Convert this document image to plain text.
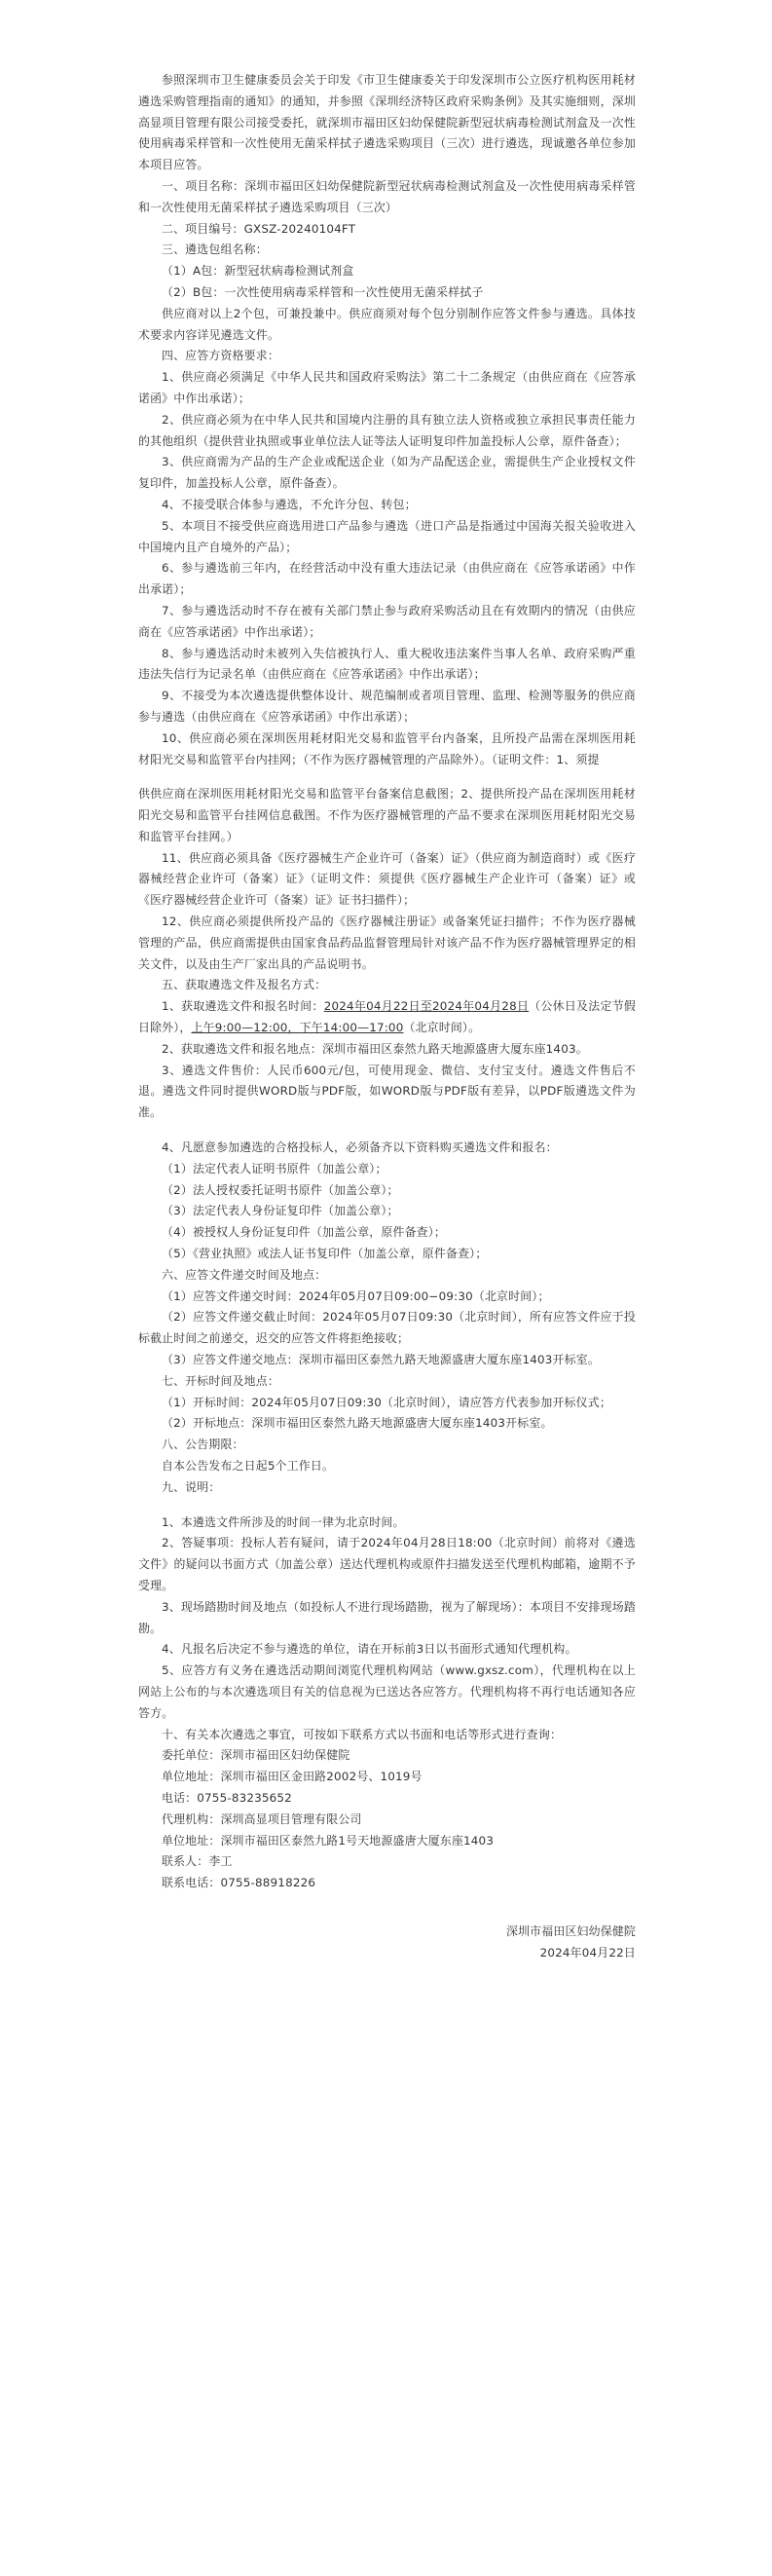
参照深圳市卫生健康委员会关于印发《市卫生健康委关于印发深圳市公立医疗机构医用耗材遴选采购管理指南的通知》的通知，并参照《深圳经济特区政府采购条例》及其实施细则，深圳高显项目管理有限公司接受委托，就深圳市福田区妇幼保健院新型冠状病毒检测试剂盒及一次性使用病毒采样管和一次性使用无菌采样拭子遴选采购项目（三次）进行遴选，现诚邀各单位参加本项目应答。

一、项目名称：深圳市福田区妇幼保健院新型冠状病毒检测试剂盒及一次性使用病毒采样管和一次性使用无菌采样拭子遴选采购项目（三次）

二、项目编号：GXSZ-20240104FT

三、遴选包组名称：

（1）A包：新型冠状病毒检测试剂盒

（2）B包：一次性使用病毒采样管和一次性使用无菌采样拭子

供应商对以上2个包，可兼投兼中。供应商须对每个包分别制作应答文件参与遴选。具体技术要求内容详见遴选文件。

四、应答方资格要求：

1、供应商必须满足《中华人民共和国政府采购法》第二十二条规定（由供应商在《应答承诺函》中作出承诺）；

2、供应商必须为在中华人民共和国境内注册的具有独立法人资格或独立承担民事责任能力的其他组织（提供营业执照或事业单位法人证等法人证明复印件加盖投标人公章，原件备查）；

3、供应商需为产品的生产企业或配送企业（如为产品配送企业，需提供生产企业授权文件复印件，加盖投标人公章，原件备查）。

4、不接受联合体参与遴选，不允许分包、转包；

5、本项目不接受供应商选用进口产品参与遴选（进口产品是指通过中国海关报关验收进入中国境内且产自境外的产品）；

6、参与遴选前三年内，在经营活动中没有重大违法记录（由供应商在《应答承诺函》中作出承诺）；

7、参与遴选活动时不存在被有关部门禁止参与政府采购活动且在有效期内的情况（由供应商在《应答承诺函》中作出承诺）；

8、参与遴选活动时未被列入失信被执行人、重大税收违法案件当事人名单、政府采购严重违法失信行为记录名单（由供应商在《应答承诺函》中作出承诺）；

9、不接受为本次遴选提供整体设计、规范编制或者项目管理、监理、检测等服务的供应商参与遴选（由供应商在《应答承诺函》中作出承诺）；

10、供应商必须在深圳医用耗材阳光交易和监管平台内备案，且所投产品需在深圳医用耗材阳光交易和监管平台内挂网；（不作为医疗器械管理的产品除外）。（证明文件：1、须提

供供应商在深圳医用耗材阳光交易和监管平台备案信息截图；2、提供所投产品在深圳医用耗材阳光交易和监管平台挂网信息截图。不作为医疗器械管理的产品不要求在深圳医用耗材阳光交易和监管平台挂网。）

11、供应商必须具备《医疗器械生产企业许可（备案）证》（供应商为制造商时）或《医疗器械经营企业许可（备案）证》（证明文件：须提供《医疗器械生产企业许可（备案）证》或《医疗器械经营企业许可（备案）证》证书扫描件）；

12、供应商必须提供所投产品的《医疗器械注册证》或备案凭证扫描件；不作为医疗器械管理的产品，供应商需提供由国家食品药品监督管理局针对该产品不作为医疗器械管理界定的相关文件，以及由生产厂家出具的产品说明书。

五、获取遴选文件及报名方式：

1、获取遴选文件和报名时间：2024年04月22日至2024年04月28日（公休日及法定节假日除外），上午9:00—12:00，下午14:00—17:00（北京时间）。

2、获取遴选文件和报名地点：深圳市福田区泰然九路天地源盛唐大厦东座1403。

3、遴选文件售价：人民币600元/包，可使用现金、微信、支付宝支付。遴选文件售后不退。遴选文件同时提供WORD版与PDF版，如WORD版与PDF版有差异，以PDF版遴选文件为准。

4、凡愿意参加遴选的合格投标人，必须备齐以下资料购买遴选文件和报名：

（1）法定代表人证明书原件（加盖公章）；

（2）法人授权委托证明书原件（加盖公章）；

（3）法定代表人身份证复印件（加盖公章）；

（4）被授权人身份证复印件（加盖公章，原件备查）；

（5）《营业执照》或法人证书复印件（加盖公章，原件备查）；

六、应答文件递交时间及地点：

（1）应答文件递交时间：2024年05月07日09:00−09:30（北京时间）；

（2）应答文件递交截止时间：2024年05月07日09:30（北京时间），所有应答文件应于投标截止时间之前递交，迟交的应答文件将拒绝接收；

（3）应答文件递交地点：深圳市福田区泰然九路天地源盛唐大厦东座1403开标室。

七、开标时间及地点：

（1）开标时间：2024年05月07日09:30（北京时间），请应答方代表参加开标仪式；

（2）开标地点：深圳市福田区泰然九路天地源盛唐大厦东座1403开标室。

八、公告期限：

自本公告发布之日起5个工作日。

九、说明：

1、本遴选文件所涉及的时间一律为北京时间。

2、答疑事项：投标人若有疑问，请于2024年04月28日18:00（北京时间）前将对《遴选文件》的疑问以书面方式（加盖公章）送达代理机构或原件扫描发送至代理机构邮箱，逾期不予受理。

3、现场踏勘时间及地点（如投标人不进行现场踏勘，视为了解现场）：本项目不安排现场踏勘。

4、凡报名后决定不参与遴选的单位，请在开标前3日以书面形式通知代理机构。

5、应答方有义务在遴选活动期间浏览代理机构网站（www.gxsz.com），代理机构在以上网站上公布的与本次遴选项目有关的信息视为已送达各应答方。代理机构将不再行电话通知各应答方。

十、有关本次遴选之事宜，可按如下联系方式以书面和电话等形式进行查询：

委托单位：深圳市福田区妇幼保健院

单位地址：深圳市福田区金田路2002号、1019号

电话：0755-83235652

代理机构：深圳高显项目管理有限公司

单位地址：深圳市福田区泰然九路1号天地源盛唐大厦东座1403

联系人：李工

联系电话：0755-88918226

深圳市福田区妇幼保健院

2024年04月22日
